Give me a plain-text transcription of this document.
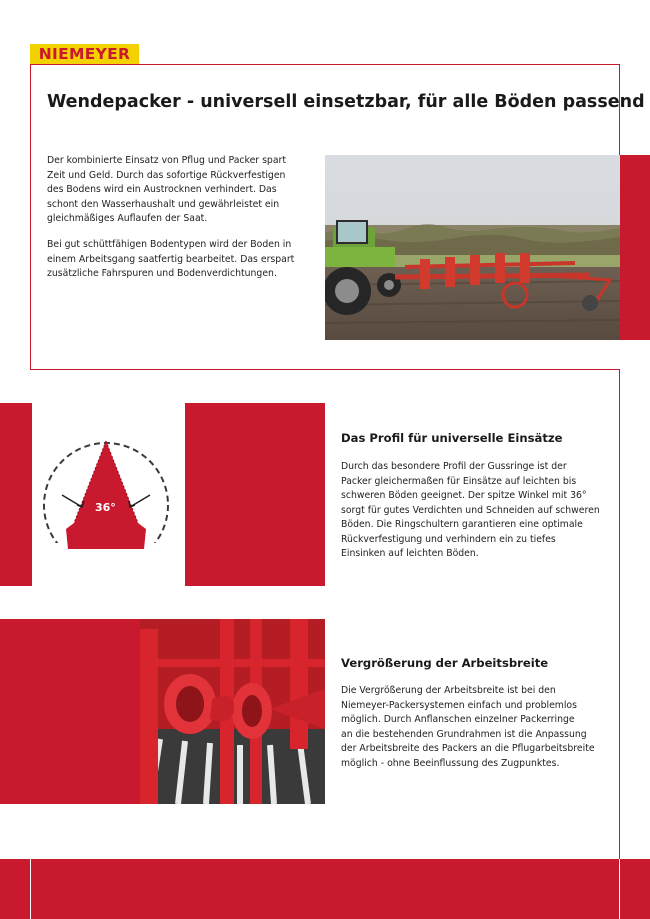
NIEMEYER
Wendepacker - universell einsetzbar, für alle Böden passend
Der kombinierte Einsatz von Pflug und Packer spart
Zeit und Geld. Durch das sofortige Rückverfestigen
des Bodens wird ein Austrocknen verhindert. Das
schont den Wasserhaushalt und gewährleistet ein
gleichmäßiges Auflaufen der Saat.
Bei gut schüttfähigen Bodentypen wird der Boden in
einem Arbeitsgang saatfertig bearbeitet. Das erspart
zusätzliche Fahrspuren und Bodenverdichtungen.
36°
Das Profil für universelle Einsätze
Durch das besondere Profil der Gussringe ist der
Packer gleichermaßen für Einsätze auf leichten bis
schweren Böden geeignet. Der spitze Winkel mit 36°
sorgt für gutes Verdichten und Schneiden auf schweren
Böden. Die Ringschultern garantieren eine optimale
Rückverfestigung und verhindern ein zu tiefes
Einsinken auf leichten Böden.
Vergrößerung der Arbeitsbreite
Die Vergrößerung der Arbeitsbreite ist bei den
Niemeyer-Packersystemen einfach und problemlos
möglich. Durch Anflanschen einzelner Packerringe
an die bestehenden Grundrahmen ist die Anpassung
der Arbeitsbreite des Packers an die Pflugarbeitsbreite
möglich - ohne Beeinflussung des Zugpunktes.
